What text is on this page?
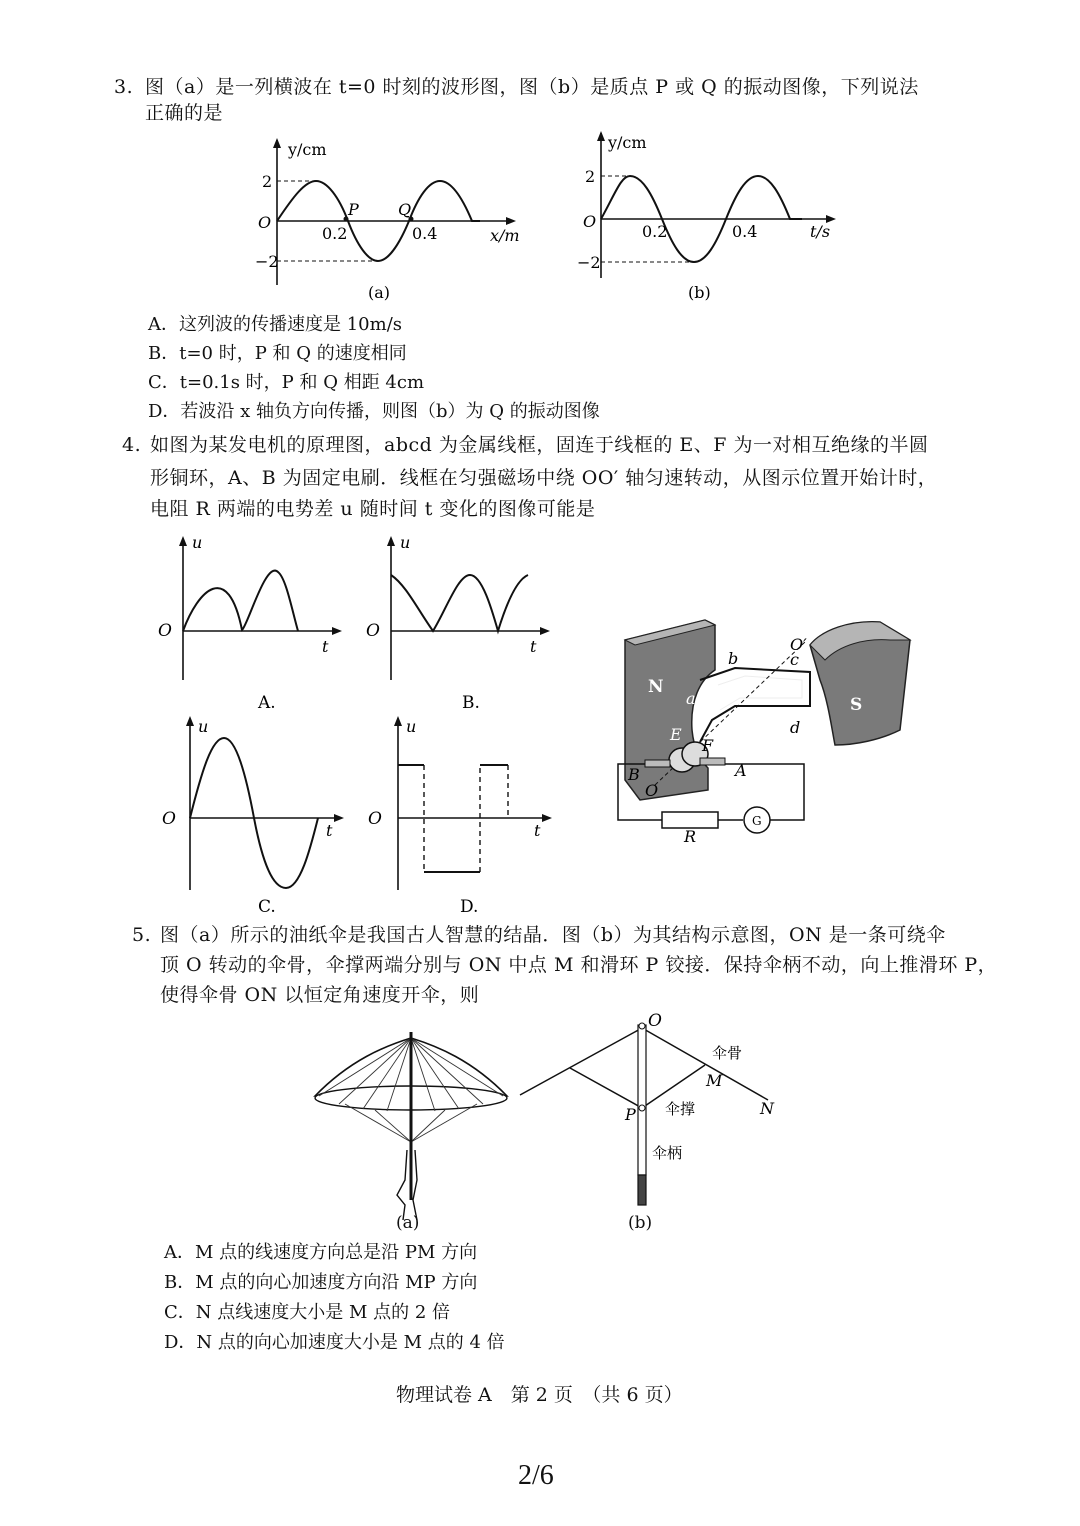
3. 图（a）是一列横波在 t=0 时刻的波形图，图（b）是质点 P 或 Q 的振动图像，下列说法
正确的是
y/cm
2
−2
O
0.2	0.4	x/m
P Q
(a)
y/cm
2
−2
O
0.2	0.4	t/s
(b)
A．这列波的传播速度是 10m/s
B．t=0 时，P 和 Q 的速度相同
C．t=0.1s 时，P 和 Q 相距 4cm
D．若波沿 x 轴负方向传播，则图（b）为 Q 的振动图像
4. 如图为某发电机的原理图，abcd 为金属线框，固连于线框的 E、F 为一对相互绝缘的半圆
形铜环，A、B 为固定电刷．线框在匀强磁场中绕 OO′ 轴匀速转动，从图示位置开始计时，
电阻 R 两端的电势差 u 随时间 t 变化的图像可能是
u
O
t
A.
u
O
t
B.
u
O
t
C.
u
O
t
D.
N
S
a
b	c
d
E
F
A
B
O
O′
R
G
5. 图（a）所示的油纸伞是我国古人智慧的结晶．图（b）为其结构示意图，ON 是一条可绕伞
顶 O 转动的伞骨，伞撑两端分别与 ON 中点 M 和滑环 P 铰接．保持伞柄不动，向上推滑环 P，
使得伞骨 ON 以恒定角速度开伞，则
O
M
N
P
伞骨
伞撑
伞柄
(a)	(b)
A．M 点的线速度方向总是沿 PM 方向
B．M 点的向心加速度方向沿 MP 方向
C．N 点线速度大小是 M 点的 2 倍
D．N 点的向心加速度大小是 M 点的 4 倍
物理试卷 A　第 2 页　（共 6 页）
2/6
